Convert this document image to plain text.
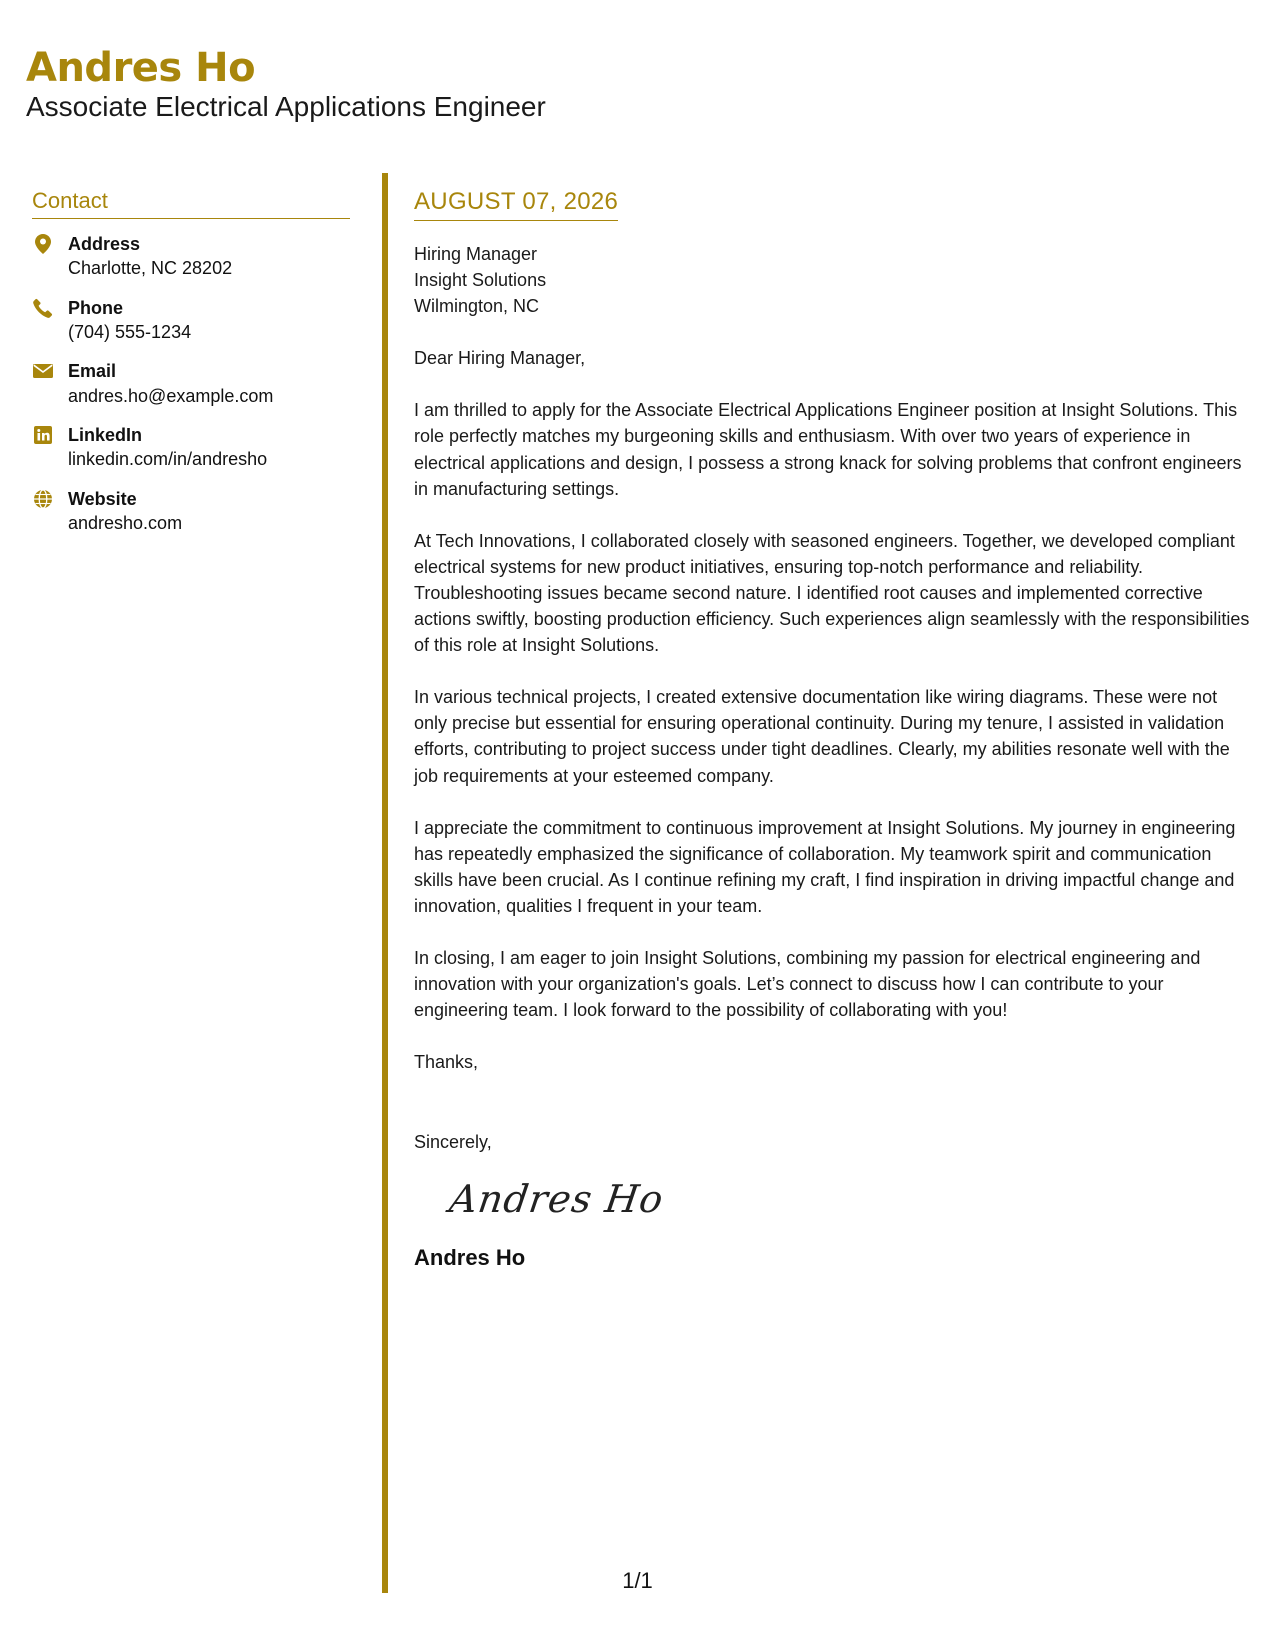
Andres Ho
Associate Electrical Applications Engineer
Contact
Address
Charlotte, NC 28202
Phone
(704) 555-1234
Email
andres.ho@example.com
LinkedIn
linkedin.com/in/andresho
Website
andresho.com
AUGUST 07, 2026
Hiring Manager
Insight Solutions
Wilmington, NC
Dear Hiring Manager,
I am thrilled to apply for the Associate Electrical Applications Engineer position at Insight Solutions. This role perfectly matches my burgeoning skills and enthusiasm. With over two years of experience in electrical applications and design, I possess a strong knack for solving problems that confront engineers in manufacturing settings.
At Tech Innovations, I collaborated closely with seasoned engineers. Together, we developed compliant electrical systems for new product initiatives, ensuring top-notch performance and reliability. Troubleshooting issues became second nature. I identified root causes and implemented corrective actions swiftly, boosting production efficiency. Such experiences align seamlessly with the responsibilities of this role at Insight Solutions.
In various technical projects, I created extensive documentation like wiring diagrams. These were not only precise but essential for ensuring operational continuity. During my tenure, I assisted in validation efforts, contributing to project success under tight deadlines. Clearly, my abilities resonate well with the job requirements at your esteemed company.
I appreciate the commitment to continuous improvement at Insight Solutions. My journey in engineering has repeatedly emphasized the significance of collaboration. My teamwork spirit and communication skills have been crucial. As I continue refining my craft, I find inspiration in driving impactful change and innovation, qualities I frequent in your team.
In closing, I am eager to join Insight Solutions, combining my passion for electrical engineering and innovation with your organization's goals. Let’s connect to discuss how I can contribute to your engineering team. I look forward to the possibility of collaborating with you!
Thanks,
Sincerely,
Andres Ho
Andres Ho
1/1
